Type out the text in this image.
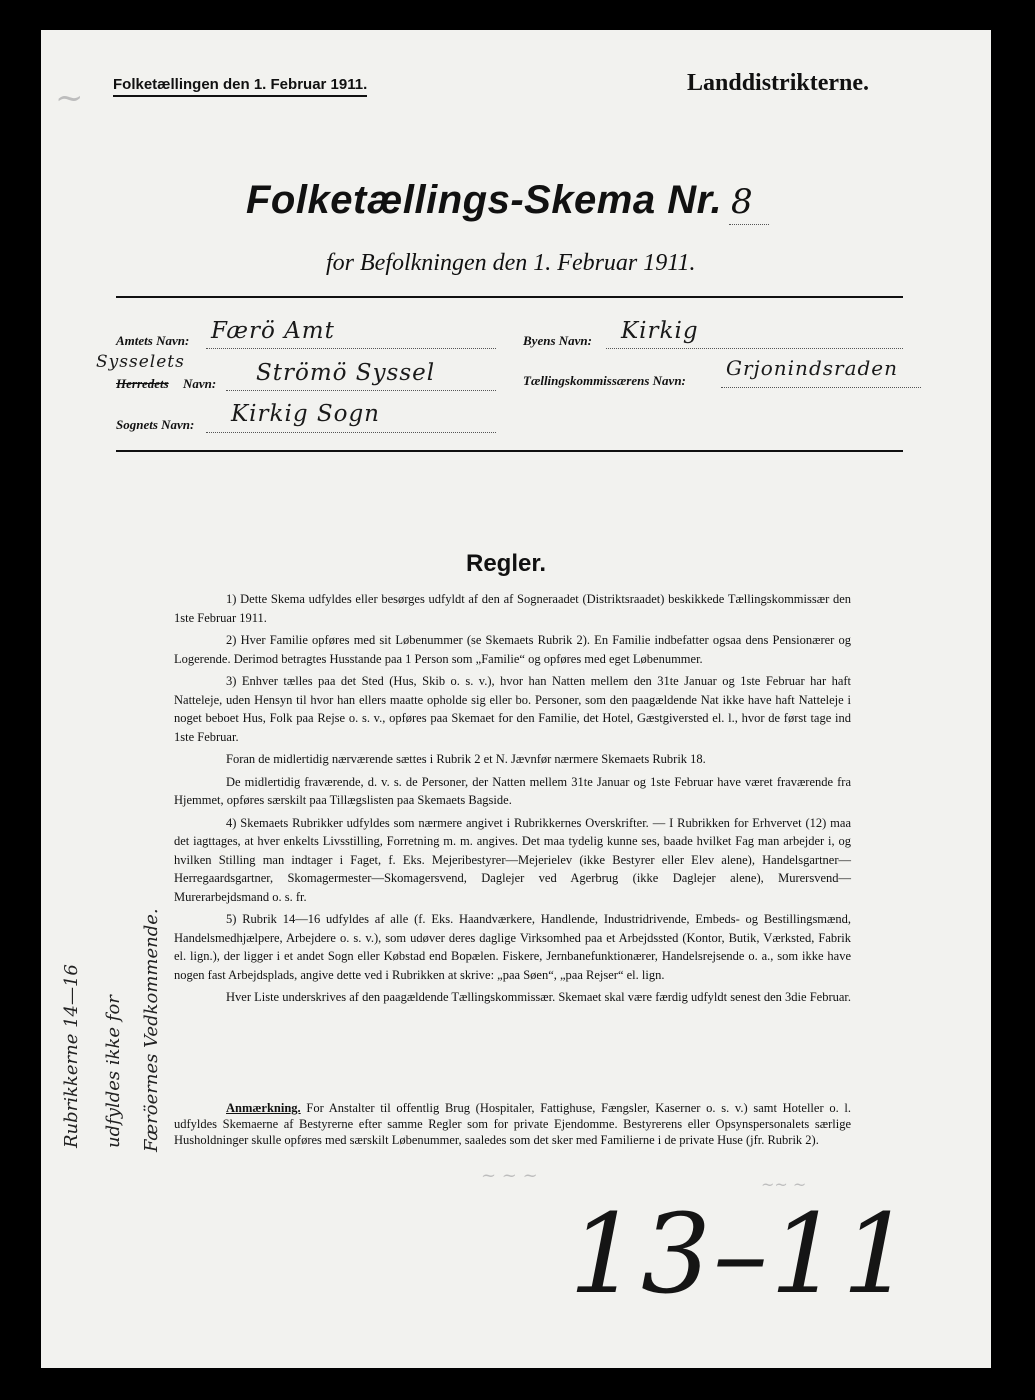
Folketællingen den 1. Februar 1911.	Landdistrikterne.
~
Folketællings-Skema Nr. 8
for Befolkningen den 1. Februar 1911.
Amtets Navn: Færö Amt
Sysselets
Herredets Navn: Strömö Syssel
Sognets Navn: Kirkig Sogn
Byens Navn: Kirkig
Tællingskommissærens Navn:
Grjonindsraden
Regler.

1) Dette Skema udfyldes eller besørges udfyldt af den af Sogneraadet (Distriktsraadet) beskikkede Tællingskommissær den 1ste Februar 1911.

2) Hver Familie opføres med sit Løbenummer (se Skemaets Rubrik 2). En Familie indbefatter ogsaa dens Pensionærer og Logerende. Derimod betragtes Husstande paa 1 Person som „Familie“ og opføres med eget Løbenummer.

3) Enhver tælles paa det Sted (Hus, Skib o. s. v.), hvor han Natten mellem den 31te Januar og 1ste Februar har haft Natteleje, uden Hensyn til hvor han ellers maatte opholde sig eller bo. Personer, som den paagældende Nat ikke have haft Natteleje i noget beboet Hus, Folk paa Rejse o. s. v., opføres paa Skemaet for den Familie, det Hotel, Gæstgiversted el. l., hvor de først tage ind 1ste Februar.

Foran de midlertidig nærværende sættes i Rubrik 2 et N. Jævnfør nærmere Skemaets Rubrik 18.

De midlertidig fraværende, d. v. s. de Personer, der Natten mellem 31te Januar og 1ste Februar have været fraværende fra Hjemmet, opføres særskilt paa Tillægslisten paa Skemaets Bagside.

4) Skemaets Rubrikker udfyldes som nærmere angivet i Rubrikkernes Overskrifter. — I Rubrikken for Erhvervet (12) maa det iagttages, at hver enkelts Livsstilling, Forretning m. m. angives. Det maa tydelig kunne ses, baade hvilket Fag man arbejder i, og hvilken Stilling man indtager i Faget, f. Eks. Mejeribestyrer—Mejerielev (ikke Bestyrer eller Elev alene), Handelsgartner—Herregaardsgartner, Skomagermester—Skomagersvend, Daglejer ved Agerbrug (ikke Daglejer alene), Murersvend—Murerarbejdsmand o. s. fr.

5) Rubrik 14—16 udfyldes af alle (f. Eks. Haandværkere, Handlende, Industridrivende, Embeds- og Bestillingsmænd, Handelsmedhjælpere, Arbejdere o. s. v.), som udøver deres daglige Virksomhed paa et Arbejdssted (Kontor, Butik, Værksted, Fabrik el. lign.), der ligger i et andet Sogn eller Købstad end Bopælen. Fiskere, Jernbanefunktionærer, Handelsrejsende o. a., som ikke have nogen fast Arbejdsplads, angive dette ved i Rubrikken at skrive: „paa Søen“, „paa Rejser“ el. lign.

Hver Liste underskrives af den paagældende Tællingskommissær. Skemaet skal være færdig udfyldt senest den 3die Februar.

Anmærkning. For Anstalter til offentlig Brug (Hospitaler, Fattighuse, Fængsler, Kaserner o. s. v.) samt Hoteller o. l. udfyldes Skemaerne af Bestyrerne efter samme Regler som for private Ejendomme. Bestyrerens eller Opsynspersonalets særlige Husholdninger skulle opføres med særskilt Løbenummer, saaledes som det sker med Familierne i de private Huse (jfr. Rubrik 2).

Rubrikkerne 14—16 udfyldes ikke for Færöernes Vedkommende.
~ ~ ~	~~ ~
13–11
